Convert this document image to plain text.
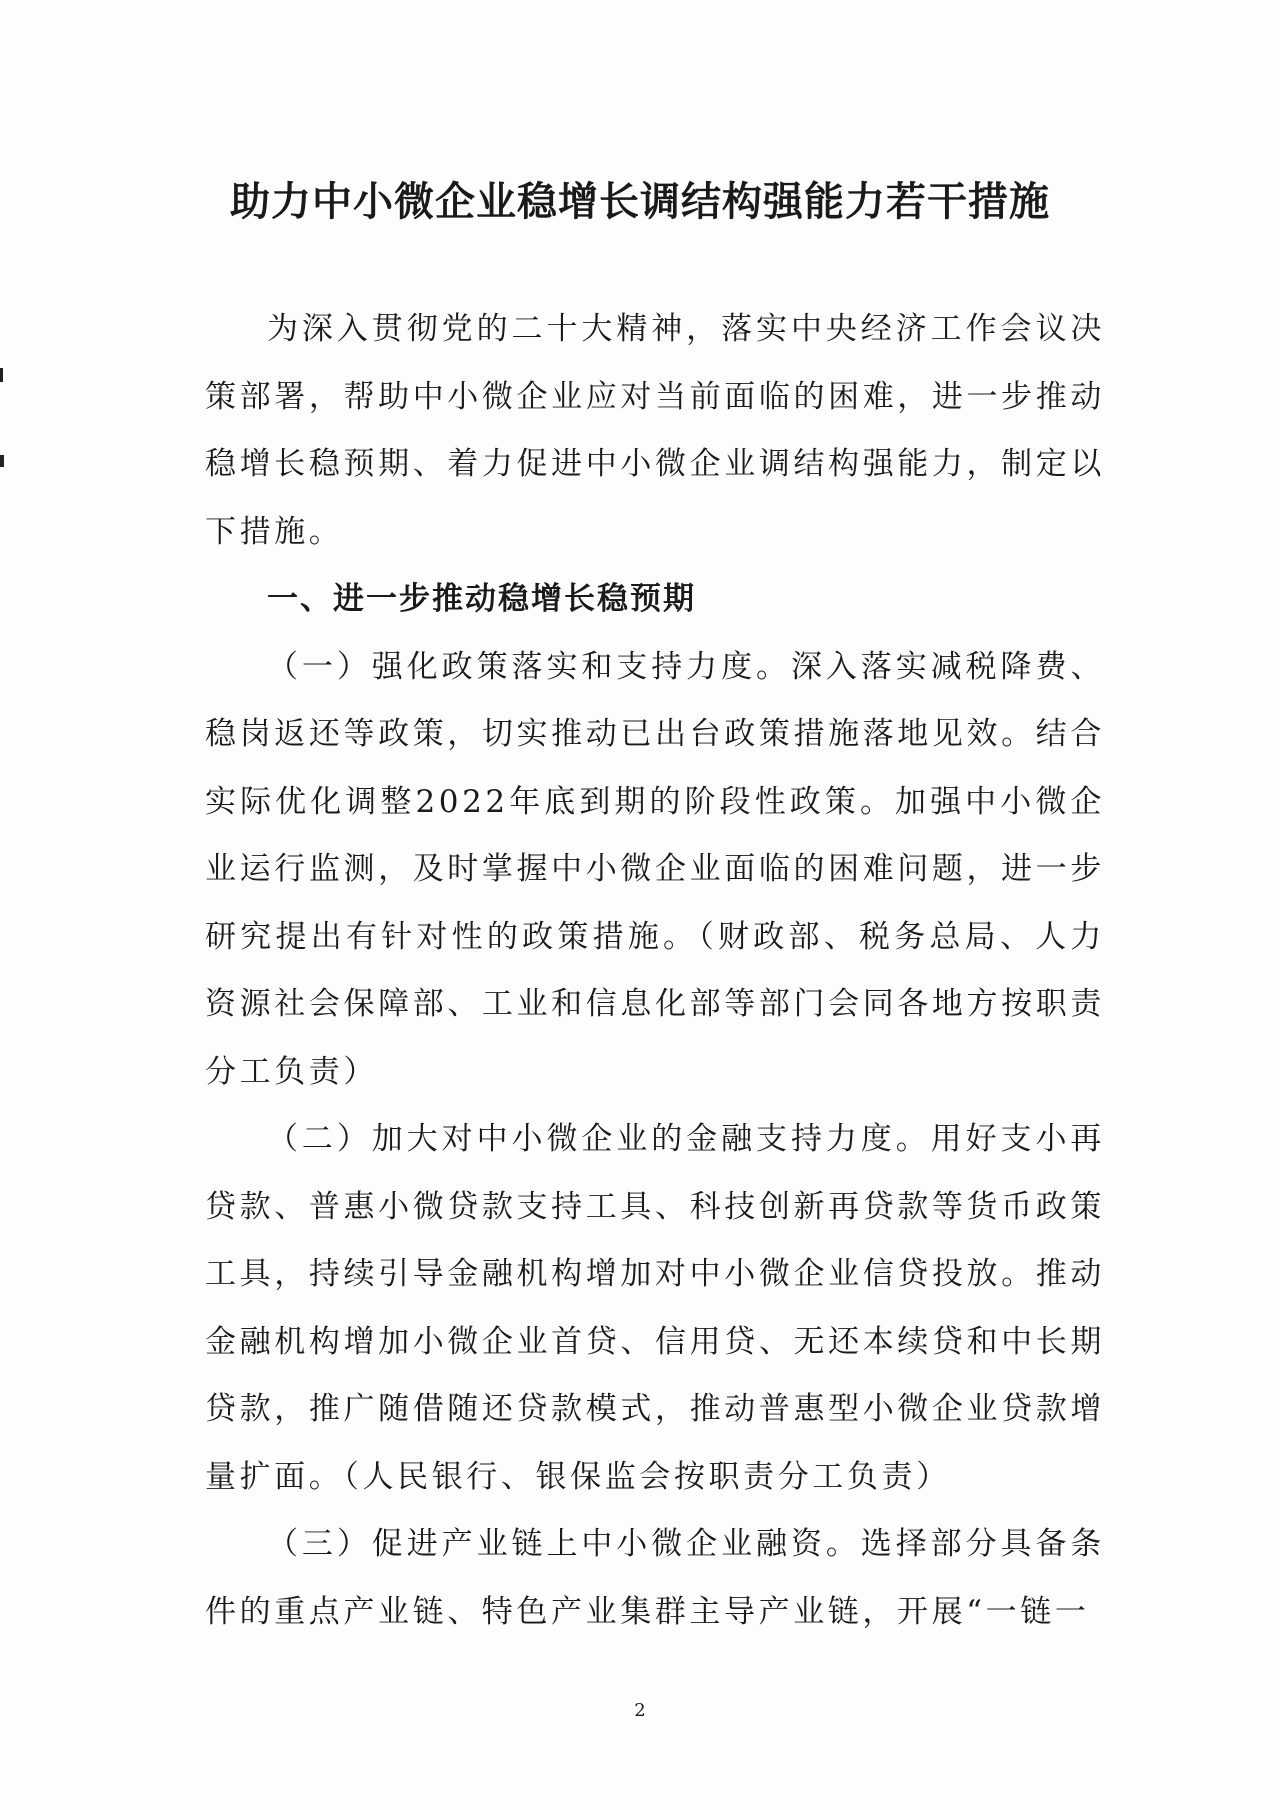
助力中小微企业稳增长调结构强能力若干措施

为深入贯彻党的二十大精神，落实中央经济工作会议决策部署，帮助中小微企业应对当前面临的困难，进一步推动稳增长稳预期、着力促进中小微企业调结构强能力，制定以下措施。

一、进一步推动稳增长稳预期

（一）强化政策落实和支持力度。深入落实减税降费、稳岗返还等政策，切实推动已出台政策措施落地见效。结合实际优化调整2022年底到期的阶段性政策。加强中小微企业运行监测，及时掌握中小微企业面临的困难问题，进一步研究提出有针对性的政策措施。（财政部、税务总局、人力资源社会保障部、工业和信息化部等部门会同各地方按职责分工负责）

（二）加大对中小微企业的金融支持力度。用好支小再贷款、普惠小微贷款支持工具、科技创新再贷款等货币政策工具，持续引导金融机构增加对中小微企业信贷投放。推动金融机构增加小微企业首贷、信用贷、无还本续贷和中长期贷款，推广随借随还贷款模式，推动普惠型小微企业贷款增量扩面。（人民银行、银保监会按职责分工负责）

（三）促进产业链上中小微企业融资。选择部分具备条件的重点产业链、特色产业集群主导产业链，开展“一链一

2
